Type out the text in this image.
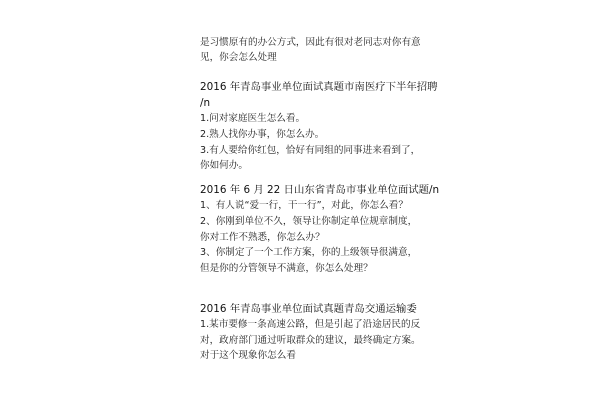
是习惯原有的办公方式，因此有很对老同志对你有意
见，你会怎么处理
2016 年青岛事业单位面试真题市南医疗下半年招聘
/n
1.问对家庭医生怎么看。
2.熟人找你办事，你怎么办。
3.有人要给你红包，恰好有同组的同事进来看到了，
你如何办。
2016 年 6 月 22 日山东省青岛市事业单位面试题/n
1、有人说“爱一行，干一行”，对此，你怎么看？
2、你刚到单位不久，领导让你制定单位规章制度，
你对工作不熟悉，你怎么办？
3、你制定了一个工作方案，你的上级领导很满意，
但是你的分管领导不满意，你怎么处理？
2016 年青岛事业单位面试真题青岛交通运输委
1.某市要修一条高速公路，但是引起了沿途居民的反
对，政府部门通过听取群众的建议，最终确定方案。
对于这个现象你怎么看
